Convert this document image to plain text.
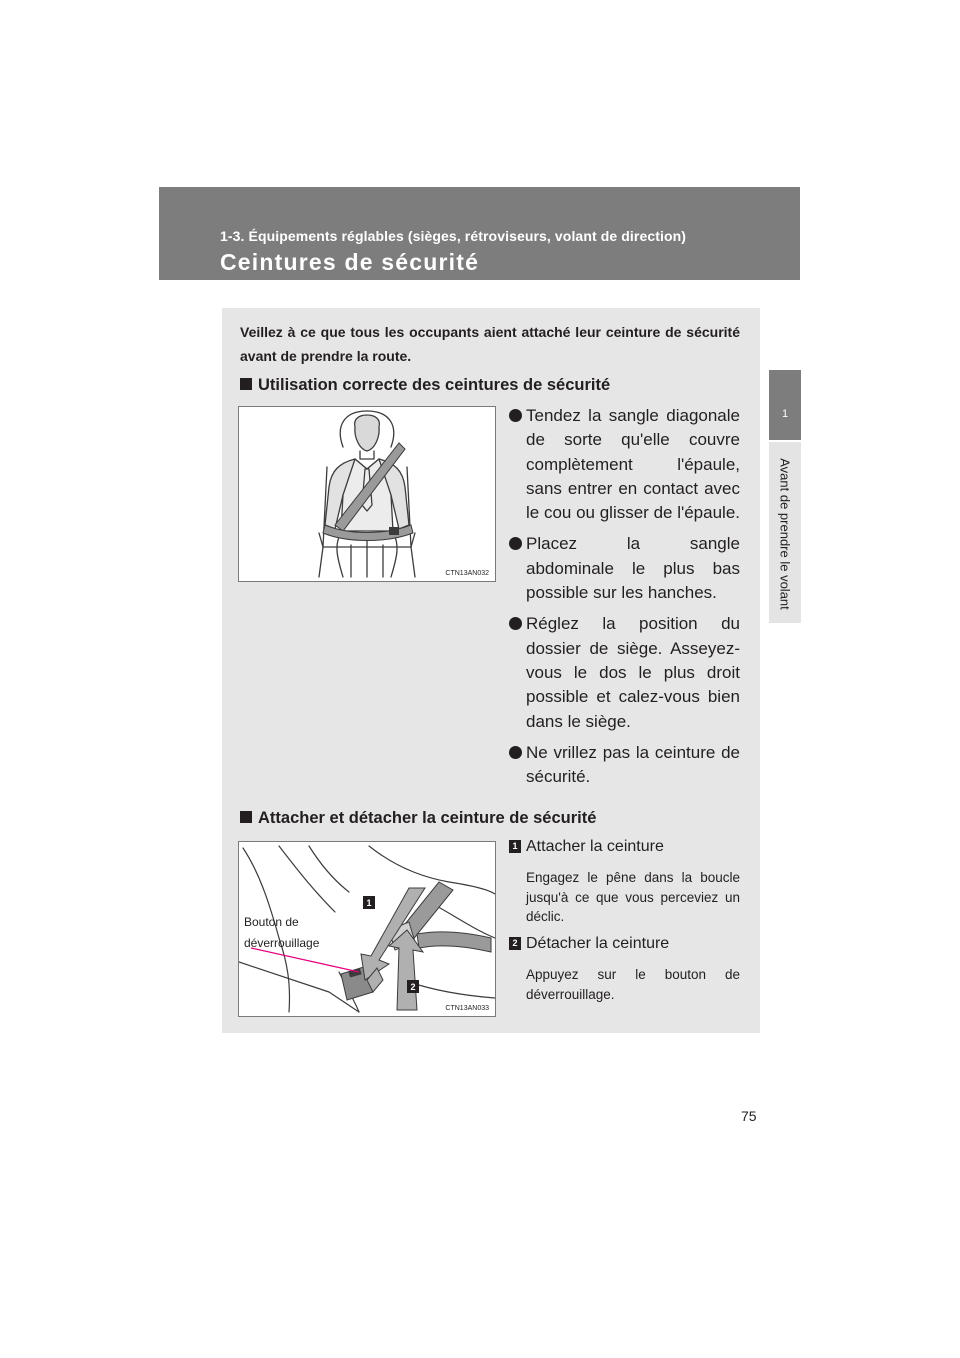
1-3. Équipements réglables (sièges, rétroviseurs, volant de direction)
Ceintures de sécurité
1
Avant de prendre le volant
Veillez à ce que tous les occupants aient attaché leur ceinture de sécurité avant de prendre la route.
Utilisation correcte des ceintures de sécurité
CTN13AN032
Tendez la sangle diagonale de sorte qu'elle couvre complètement l'épaule, sans entrer en contact avec le cou ou glisser de l'épaule.
Placez la sangle abdominale le plus bas possible sur les hanches.
Réglez la position du dossier de siège. Asseyez-vous le dos le plus droit possible et calez-vous bien dans le siège.
Ne vrillez pas la ceinture de sécurité.
Attacher et détacher la ceinture de sécurité
1
2
CTN13AN033
Bouton de
déverrouillage
1 Attacher la ceinture
Engagez le pêne dans la boucle jusqu'à ce que vous perceviez un déclic.
2 Détacher la ceinture
Appuyez sur le bouton de déverrouillage.
75
